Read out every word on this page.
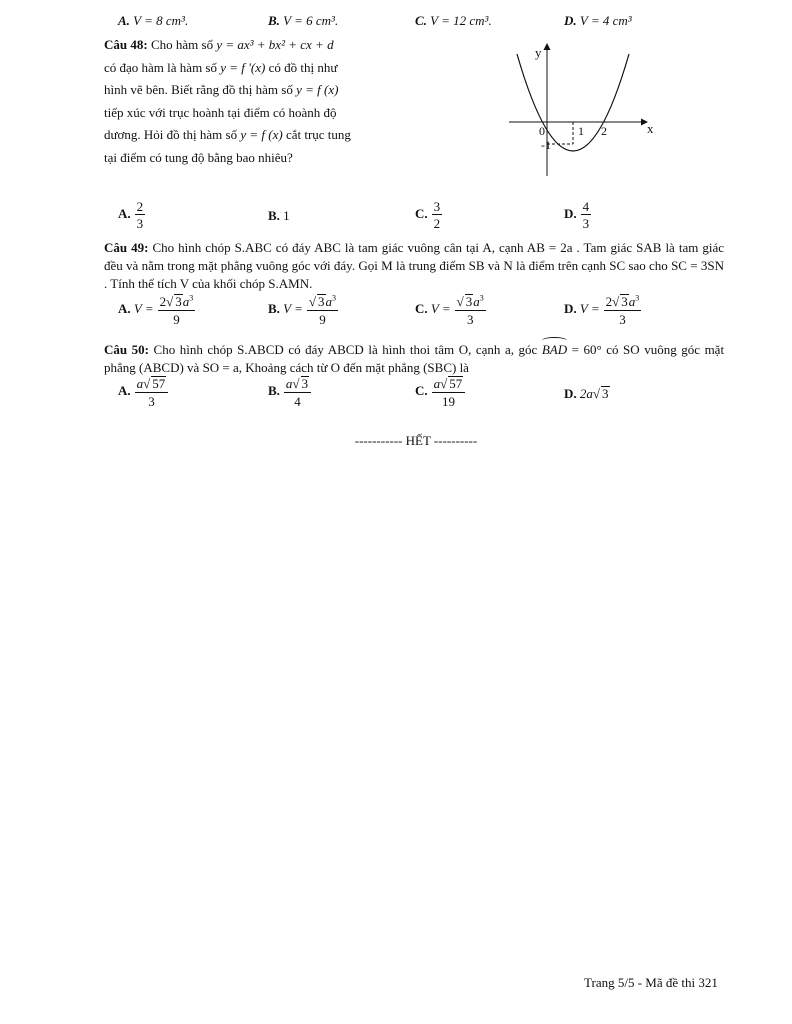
A. V = 8 cm³.	B. V = 6 cm³.	C. V = 12 cm³.	D. V = 4 cm³
Câu 48: Cho hàm số y = ax³ + bx² + cx + d
có đạo hàm là hàm số y = f '(x) có đồ thị như
hình vẽ bên. Biết rằng đồ thị hàm số y = f (x)
tiếp xúc với trục hoành tại điểm có hoành độ
dương. Hỏi đồ thị hàm số y = f (x) cắt trục tung
tại điểm có tung độ bằng bao nhiêu?
y
x
0	1 2
-1
A. $\frac{2}{3}$	B. 1	C. $\frac{3}{2}$	D. $\frac{4}{3}$
Câu 49: Cho hình chóp S.ABC có đáy ABC là tam giác vuông cân tại A, cạnh AB = 2a . Tam giác SAB là tam giác đều và nằm trong mặt phẳng vuông góc với đáy. Gọi M là trung điểm SB và N là điểm trên cạnh SC sao cho SC = 3SN . Tính thể tích V của khối chóp S.AMN.
A. $V = \frac{2√ 3a^3}{9}$	B. $V = \frac{√ 3a^3}{9}$	C. $V = \frac{√ 3a^3}{3}$	D. $V = \frac{2√ 3a^3}{3}$
Câu 50: Cho hình chóp S.ABCD có đáy ABCD là hình thoi tâm O, cạnh a, góc BAD = 60° có SO vuông góc mặt phẳng (ABCD) và SO = a, Khoảng cách từ O đến mặt phẳng (SBC) là
A. $\frac{a√ 57}{3}$	B. $\frac{a√ 3}{4}$	C. $\frac{a√ 57}{19}$	D. 2a√ 3
----------- HẾT ----------
Trang 5/5 - Mã đề thi 321
